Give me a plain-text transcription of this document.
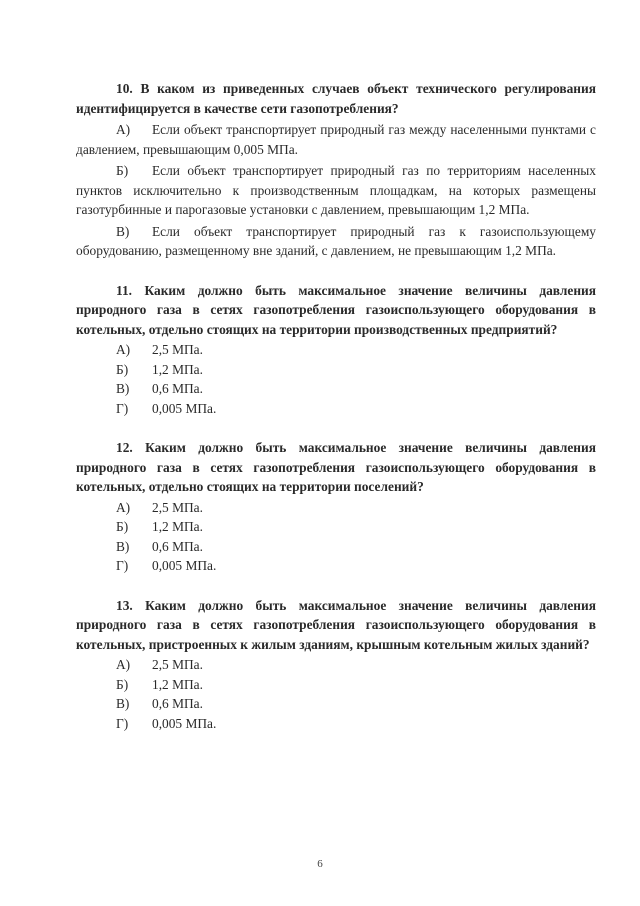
10. В каком из приведенных случаев объект технического регулирования идентифицируется в качестве сети газопотребления?

А) Если объект транспортирует природный газ между населенными пунктами с давлением, превышающим 0,005 МПа.

Б) Если объект транспортирует природный газ по территориям населенных пунктов исключительно к производственным площадкам, на которых размещены газотурбинные и парогазовые установки с давлением, превышающим 1,2 МПа.

В) Если объект транспортирует природный газ к газоиспользующему оборудованию, размещенному вне зданий, с давлением, не превышающим 1,2 МПа.

11. Каким должно быть максимальное значение величины давления природного газа в сетях газопотребления газоиспользующего оборудования в котельных, отдельно стоящих на территории производственных предприятий?

А) 2,5 МПа.

Б) 1,2 МПа.

В) 0,6 МПа.

Г) 0,005 МПа.

12. Каким должно быть максимальное значение величины давления природного газа в сетях газопотребления газоиспользующего оборудования в котельных, отдельно стоящих на территории поселений?

А) 2,5 МПа.

Б) 1,2 МПа.

В) 0,6 МПа.

Г) 0,005 МПа.

13. Каким должно быть максимальное значение величины давления природного газа в сетях газопотребления газоиспользующего оборудования в котельных, пристроенных к жилым зданиям, крышным котельным жилых зданий?

А) 2,5 МПа.

Б) 1,2 МПа.

В) 0,6 МПа.

Г) 0,005 МПа.

6
